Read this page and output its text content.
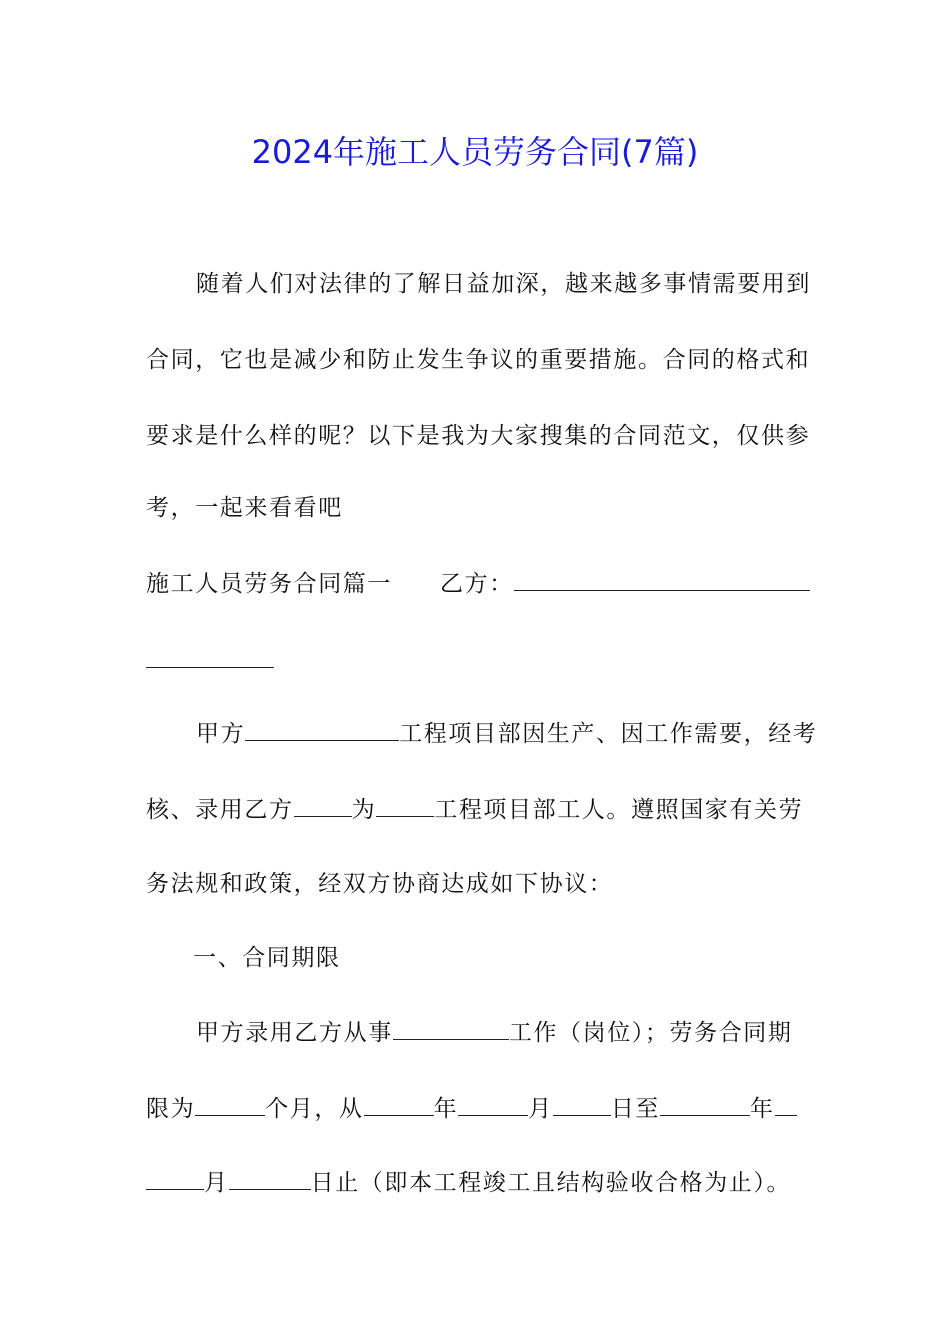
2024年施工人员劳务合同(7篇)
随着人们对法律的了解日益加深，越来越多事情需要用到
合同，它也是减少和防止发生争议的重要措施。合同的格式和
要求是什么样的呢？以下是我为大家搜集的合同范文，仅供参
考，一起来看看吧
施工人员劳务合同篇一 乙方：
甲方	工程项目部因生产、因工作需要，经考
核、录用乙方	为	工程项目部工人。遵照国家有关劳
务法规和政策，经双方协商达成如下协议：
一、合同期限
甲方录用乙方从事	工作（岗位）；劳务合同期
限为	个月，从	年	月	日至	年
月	日止（即本工程竣工且结构验收合格为止）。
